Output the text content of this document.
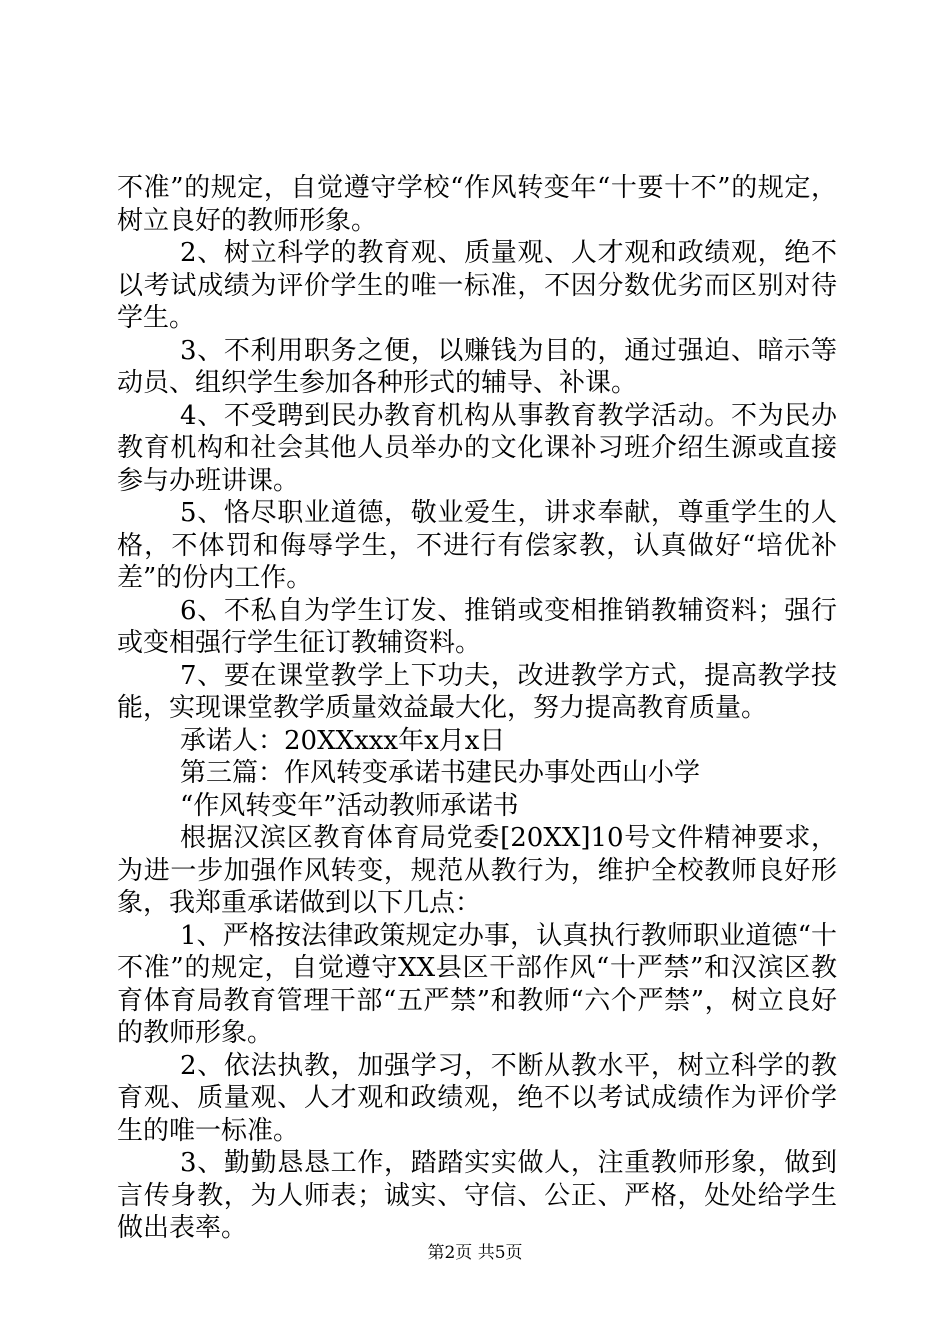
不准”的规定，自觉遵守学校“作风转变年“十要十不”的规定，树立良好的教师形象。

2、树立科学的教育观、质量观、人才观和政绩观，绝不以考试成绩为评价学生的唯一标准，不因分数优劣而区别对待学生。

3、不利用职务之便，以赚钱为目的，通过强迫、暗示等动员、组织学生参加各种形式的辅导、补课。

4、不受聘到民办教育机构从事教育教学活动。不为民办教育机构和社会其他人员举办的文化课补习班介绍生源或直接参与办班讲课。

5、恪尽职业道德，敬业爱生，讲求奉献，尊重学生的人格，不体罚和侮辱学生，不进行有偿家教，认真做好“培优补差”的份内工作。

6、不私自为学生订发、推销或变相推销教辅资料；强行或变相强行学生征订教辅资料。

7、要在课堂教学上下功夫，改进教学方式，提高教学技能，实现课堂教学质量效益最大化，努力提高教育质量。

承诺人：20XXxxx年x月x日

第三篇：作风转变承诺书建民办事处西山小学

“作风转变年”活动教师承诺书

根据汉滨区教育体育局党委[20XX]10号文件精神要求，为进一步加强作风转变，规范从教行为，维护全校教师良好形象，我郑重承诺做到以下几点：

1、严格按法律政策规定办事，认真执行教师职业道德“十不准”的规定，自觉遵守XX县区干部作风“十严禁”和汉滨区教育体育局教育管理干部“五严禁”和教师“六个严禁”，树立良好的教师形象。

2、依法执教，加强学习，不断从教水平，树立科学的教育观、质量观、人才观和政绩观，绝不以考试成绩作为评价学生的唯一标准。

3、勤勤恳恳工作，踏踏实实做人，注重教师形象，做到言传身教，为人师表；诚实、守信、公正、严格，处处给学生做出表率。

第2页 共5页
